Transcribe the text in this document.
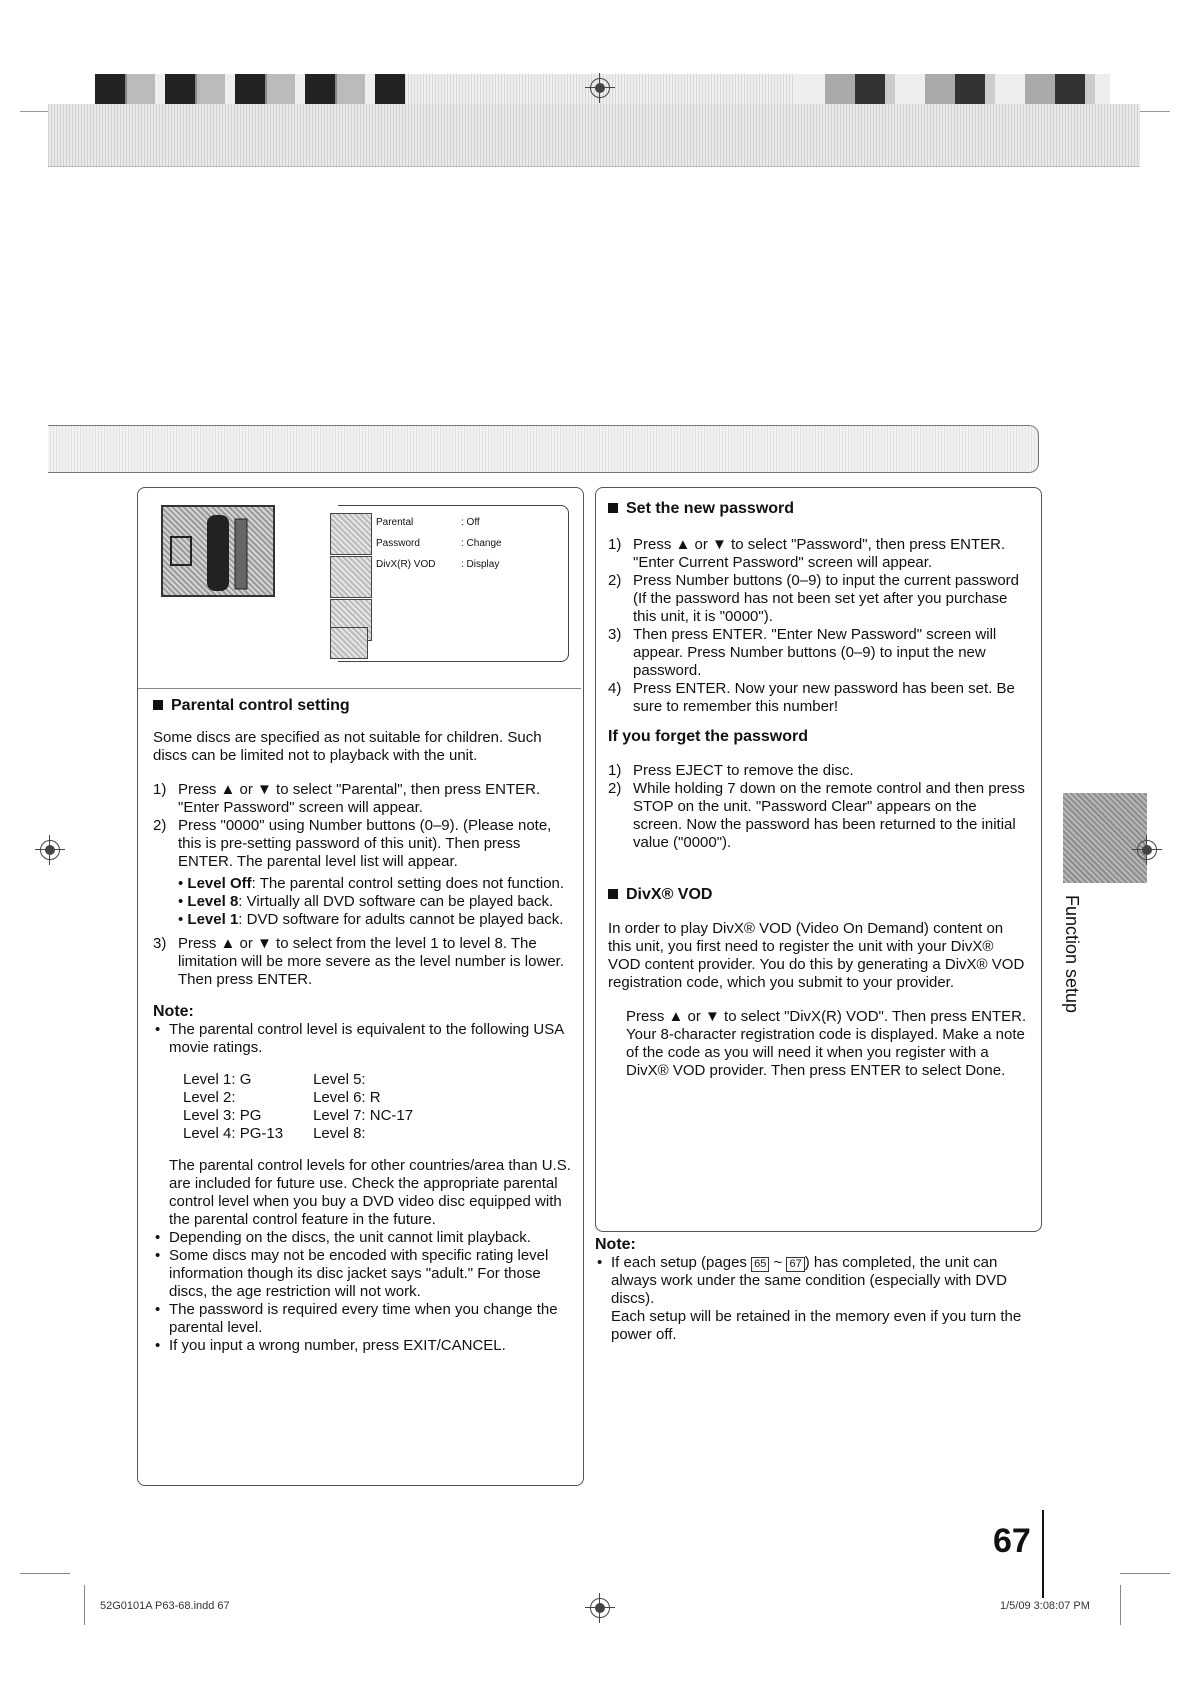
Parental	: Off
Password	: Change
DivX(R) VOD	: Display
Parental control setting
Some discs are specified as not suitable for children. Such discs can be limited not to playback with the unit.
1) Press ▲ or ▼ to select "Parental", then press ENTER. "Enter Password" screen will appear.
2) Press "0000" using Number buttons (0–9). (Please note, this is pre-setting password of this unit). Then press ENTER. The parental level list will appear.
• Level Off: The parental control setting does not function.
• Level 8: Virtually all DVD software can be played back.
• Level 1: DVD software for adults cannot be played back.
3) Press ▲ or ▼ to select from the level 1 to level 8. The limitation will be more severe as the level number is lower. Then press ENTER.
Note:
• The parental control level is equivalent to the following USA movie ratings.
Level 1: G	Level 5:
Level 2:	Level 6: R
Level 3: PG	Level 7: NC-17
Level 4: PG-13	Level 8:
The parental control levels for other countries/area than U.S. are included for future use. Check the appropriate parental control level when you buy a DVD video disc equipped with the parental control feature in the future.
• Depending on the discs, the unit cannot limit playback.
• Some discs may not be encoded with specific rating level information though its disc jacket says "adult." For those discs, the age restriction will not work.
• The password is required every time when you change the parental level.
• If you input a wrong number, press EXIT/CANCEL.
Set the new password
1) Press ▲ or ▼ to select "Password", then press ENTER. "Enter Current Password" screen will appear.
2) Press Number buttons (0–9) to input the current password (If the password has not been set yet after you purchase this unit, it is "0000").
3) Then press ENTER. "Enter New Password" screen will appear. Press Number buttons (0–9) to input the new password.
4) Press ENTER. Now your new password has been set. Be sure to remember this number!
If you forget the password
1) Press EJECT to remove the disc.
2) While holding 7 down on the remote control and then press STOP on the unit. "Password Clear" appears on the screen. Now the password has been returned to the initial value ("0000").
DivX® VOD
In order to play DivX® VOD (Video On Demand) content on this unit, you first need to register the unit with your DivX® VOD content provider. You do this by generating a DivX® VOD registration code, which you submit to your provider.
Press ▲ or ▼ to select "DivX(R) VOD". Then press ENTER. Your 8-character registration code is displayed. Make a note of the code as you will need it when you register with a DivX® VOD provider. Then press ENTER to select Done.
Note:
• If each setup (pages 65 ~ 67 ) has completed, the unit can always work under the same condition (especially with DVD discs).
Each setup will be retained in the memory even if you turn the power off.
Function setup
67
52G0101A P63-68.indd 67	1/5/09 3:08:07 PM
